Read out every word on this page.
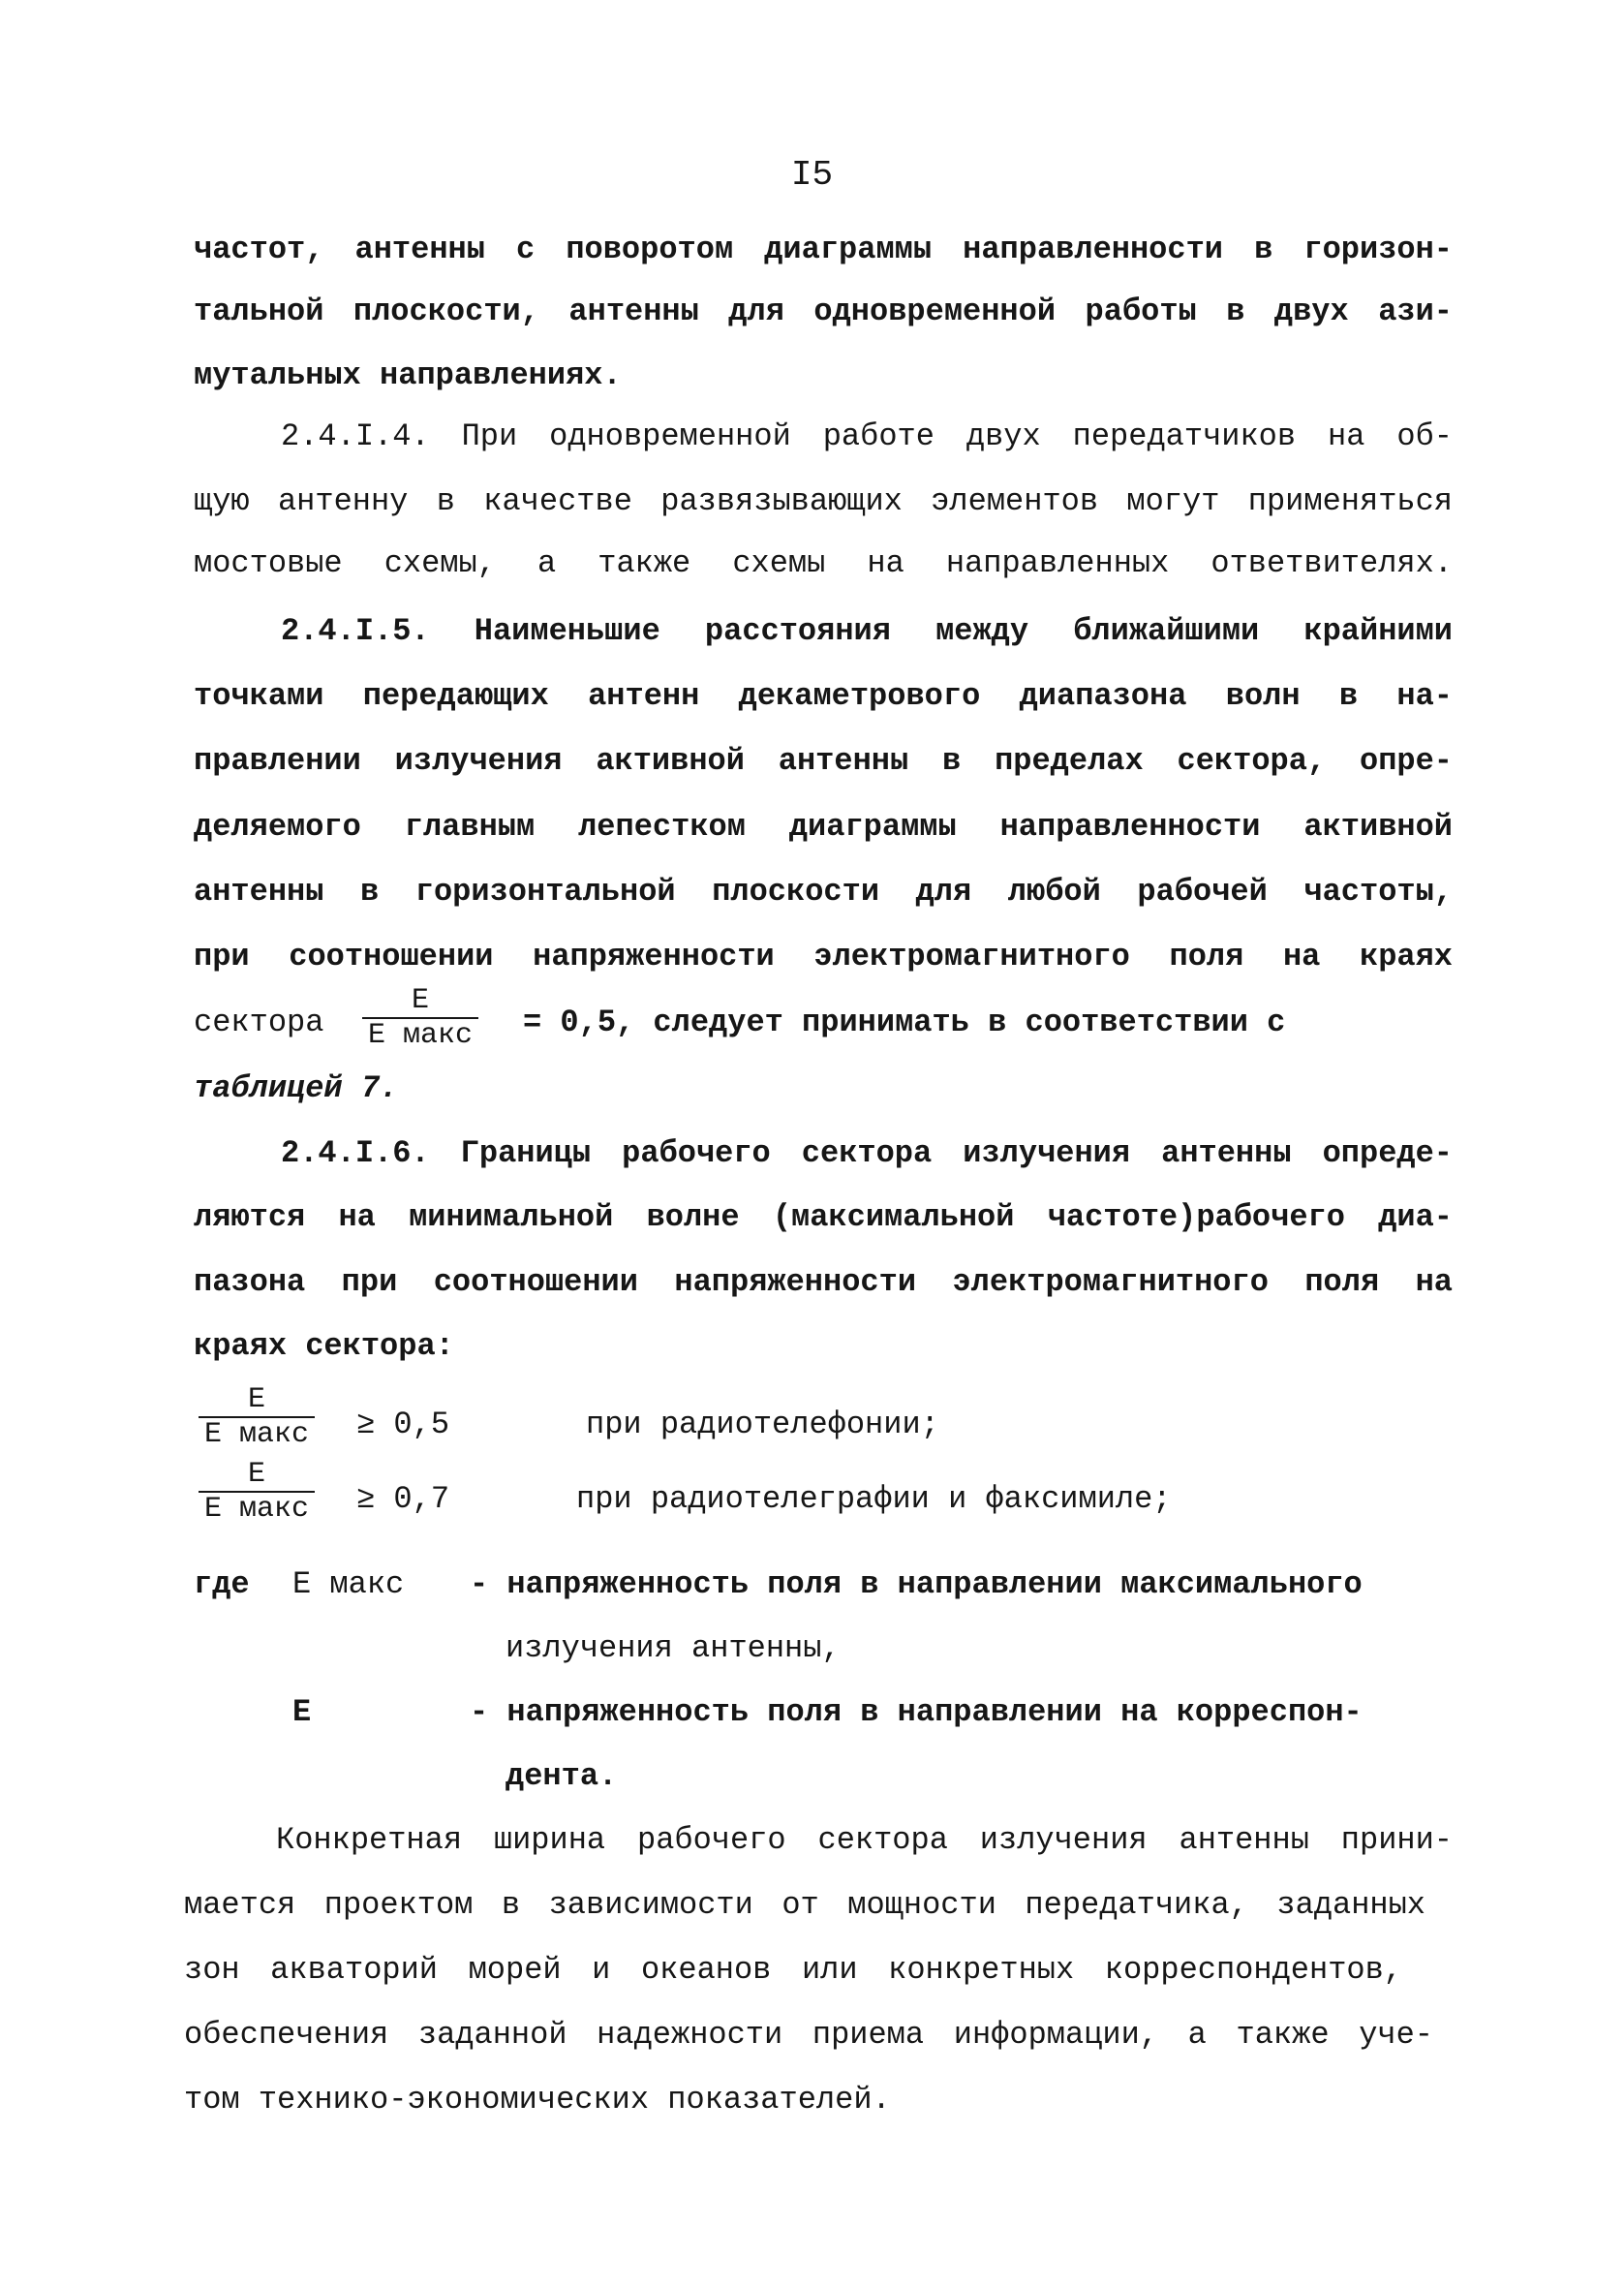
I5
частот, антенны с поворотом диаграммы направленности в горизон-
тальной плоскости, антенны для одновременной работы в двух ази-
мутальных направлениях.
2.4.I.4. При одновременной работе двух передатчиков на об-
щую антенну в качестве развязывающих элементов могут применяться
мостовые схемы, а также схемы на направленных ответвителях.
2.4.I.5. Наименьшие расстояния между ближайшими крайними
точками передающих антенн декаметрового диапазона волн в на-
правлении излучения активной антенны в пределах сектора, опре-
деляемого главным лепестком диаграммы направленности активной
антенны в горизонтальной плоскости для любой рабочей частоты,
при соотношении напряженности электромагнитного поля на краях
сектора
E
E макс = 0,5, следует принимать в соответствии с
таблицей 7.
2.4.I.6. Границы рабочего сектора излучения антенны опреде-
ляются на минимальной волне (максимальной частоте)рабочего диа-
пазона при соотношении напряженности электромагнитного поля на
краях сектора:
E
E макс ≥ 0,5	при радиотелефонии;
E
E макс ≥ 0,7	при радиотелеграфии и факсимиле;
где E макс - напряженность поля в направлении максимального
излучения антенны,
E	- напряженность поля в направлении на корреспон-
дента.
Конкретная ширина рабочего сектора излучения антенны прини-
мается проектом в зависимости от мощности передатчика, заданных
зон акваторий морей и океанов или конкретных корреспондентов,
обеспечения заданной надежности приема информации, а также уче-
том технико-экономических показателей.
